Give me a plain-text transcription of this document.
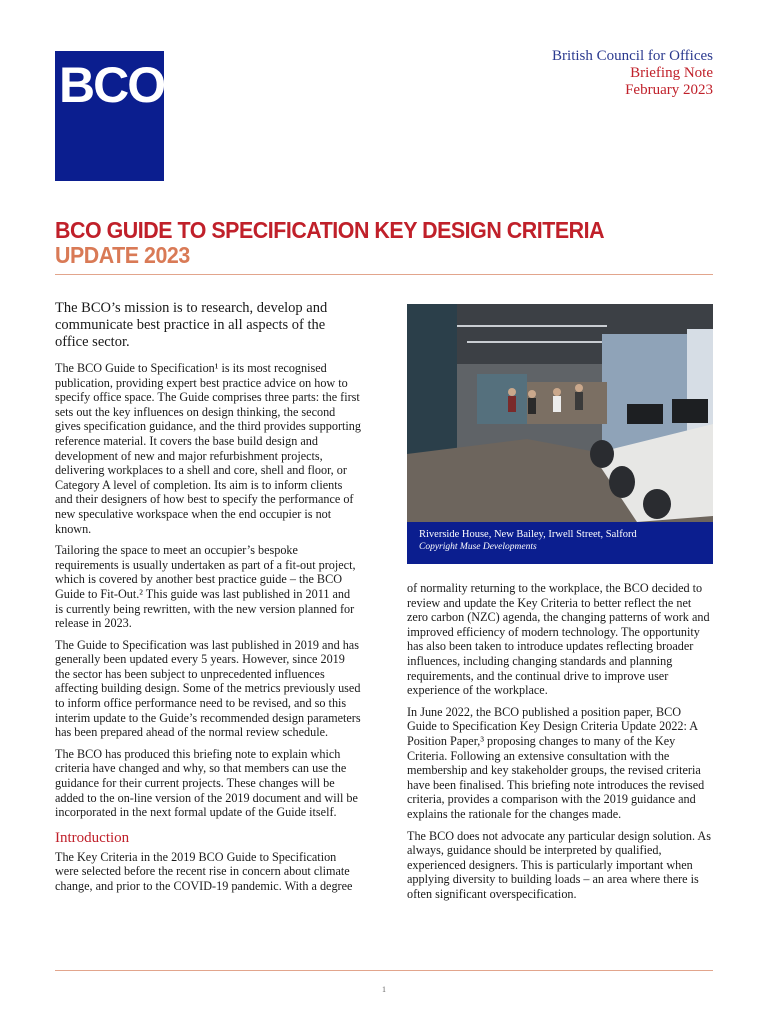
BCO
British Council for Offices
Briefing Note
February 2023
BCO GUIDE TO SPECIFICATION KEY DESIGN CRITERIA
UPDATE 2023

The BCO’s mission is to research, develop and communicate best practice in all aspects of the office sector.

The BCO Guide to Specification¹ is its most recognised publication, providing expert best practice advice on how to specify office space. The Guide comprises three parts: the first sets out the key influences on design thinking, the second gives specification guidance, and the third provides supporting reference material. It covers the base build design and development of new and major refurbishment projects, delivering workplaces to a shell and core, shell and floor, or Category A level of completion. Its aim is to inform clients and their designers of how best to specify the performance of new speculative workspace when the end occupier is not known.

Tailoring the space to meet an occupier’s bespoke requirements is usually undertaken as part of a fit-out project, which is covered by another best practice guide – the BCO Guide to Fit-Out.² This guide was last published in 2011 and is currently being rewritten, with the new version planned for release in 2023.

The Guide to Specification was last published in 2019 and has generally been updated every 5 years. However, since 2019 the sector has been subject to unprecedented influences affecting building design. Some of the metrics previously used to inform office performance need to be revised, and so this interim update to the Guide’s recommended design parameters has been prepared ahead of the normal review schedule.

The BCO has produced this briefing note to explain which criteria have changed and why, so that members can use the guidance for their current projects. These changes will be added to the on-line version of the 2019 document and will be incorporated in the next formal update of the Guide itself.

Introduction

The Key Criteria in the 2019 BCO Guide to Specification were selected before the recent rise in concern about climate change, and prior to the COVID-19 pandemic. With a degree

Riverside House, New Bailey, Irwell Street, Salford
Copyright Muse Developments

of normality returning to the workplace, the BCO decided to review and update the Key Criteria to better reflect the net zero carbon (NZC) agenda, the changing patterns of work and improved efficiency of modern technology. The opportunity has also been taken to introduce updates reflecting broader influences, including changing standards and planning requirements, and the continual drive to improve user experience of the workplace.

In June 2022, the BCO published a position paper, BCO Guide to Specification Key Design Criteria Update 2022: A Position Paper,³ proposing changes to many of the Key Criteria. Following an extensive consultation with the membership and key stakeholder groups, the revised criteria have been finalised. This briefing note introduces the revised criteria, provides a comparison with the 2019 guidance and explains the rationale for the changes made.

The BCO does not advocate any particular design solution. As always, guidance should be interpreted by qualified, experienced designers. This is particularly important when applying diversity to building loads – an area where there is often significant overspecification.

1
